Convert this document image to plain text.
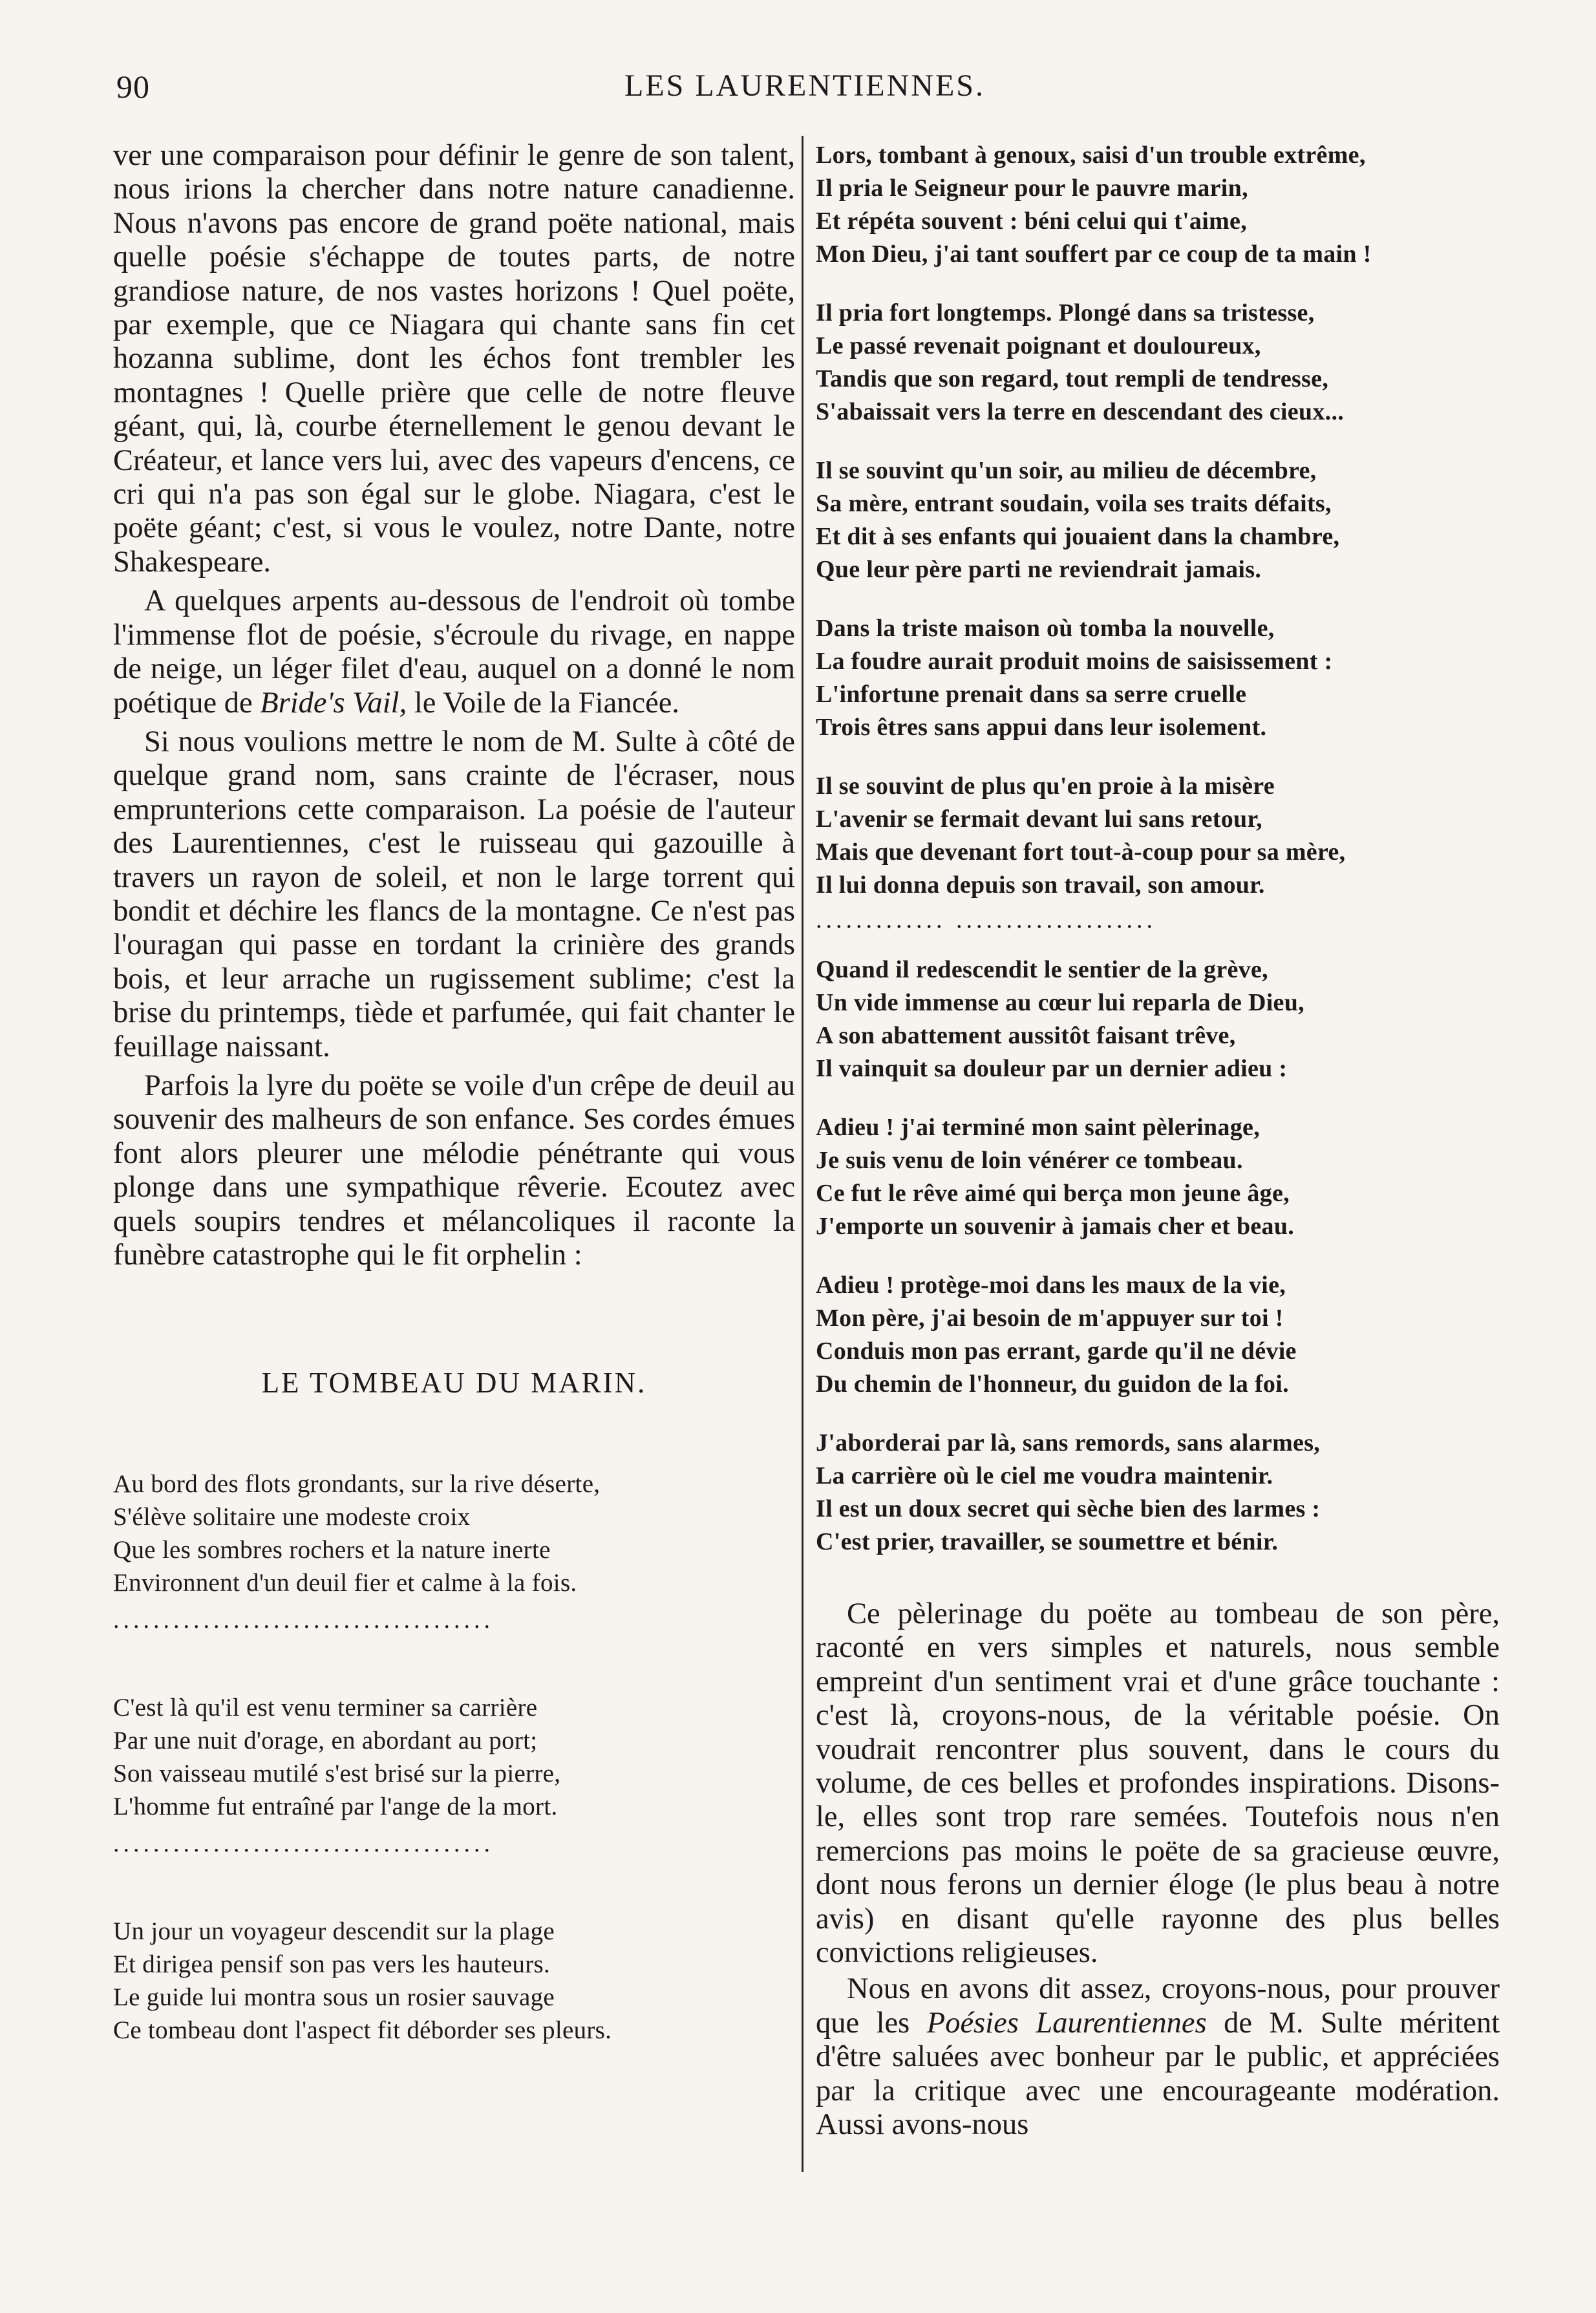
90	LES LAURENTIENNES.

ver une comparaison pour définir le genre de son talent, nous irions la chercher dans notre nature canadienne. Nous n'avons pas encore de grand poëte national, mais quelle poésie s'échappe de toutes parts, de notre grandiose nature, de nos vastes horizons ! Quel poëte, par exemple, que ce Niagara qui chante sans fin cet hozanna sublime, dont les échos font trembler les montagnes ! Quelle prière que celle de notre fleuve géant, qui, là, courbe éternellement le genou devant le Créateur, et lance vers lui, avec des vapeurs d'encens, ce cri qui n'a pas son égal sur le globe. Niagara, c'est le poëte géant; c'est, si vous le voulez, notre Dante, notre Shakespeare.

A quelques arpents au-dessous de l'endroit où tombe l'immense flot de poésie, s'écroule du rivage, en nappe de neige, un léger filet d'eau, auquel on a donné le nom poétique de Bride's Vail, le Voile de la Fiancée.

Si nous voulions mettre le nom de M. Sulte à côté de quelque grand nom, sans crainte de l'écraser, nous emprunterions cette comparaison. La poésie de l'auteur des Laurentiennes, c'est le ruisseau qui gazouille à travers un rayon de soleil, et non le large torrent qui bondit et déchire les flancs de la montagne. Ce n'est pas l'ouragan qui passe en tordant la crinière des grands bois, et leur arrache un rugissement sublime; c'est la brise du printemps, tiède et parfumée, qui fait chanter le feuillage naissant.

Parfois la lyre du poëte se voile d'un crêpe de deuil au souvenir des malheurs de son enfance. Ses cordes émues font alors pleurer une mélodie pénétrante qui vous plonge dans une sympathique rêverie. Ecoutez avec quels soupirs tendres et mélancoliques il raconte la funèbre catastrophe qui le fit orphelin :

LE TOMBEAU DU MARIN.
Au bord des flots grondants, sur la rive déserte,
S'élève solitaire une modeste croix
Que les sombres rochers et la nature inerte
Environnent d'un deuil fier et calme à la fois.
......................................
C'est là qu'il est venu terminer sa carrière
Par une nuit d'orage, en abordant au port;
Son vaisseau mutilé s'est brisé sur la pierre,
L'homme fut entraîné par l'ange de la mort.
......................................
Un jour un voyageur descendit sur la plage
Et dirigea pensif son pas vers les hauteurs.
Le guide lui montra sous un rosier sauvage
Ce tombeau dont l'aspect fit déborder ses pleurs.
Lors, tombant à genoux, saisi d'un trouble extrême,
Il pria le Seigneur pour le pauvre marin,
Et répéta souvent : béni celui qui t'aime,
Mon Dieu, j'ai tant souffert par ce coup de ta main !
Il pria fort longtemps. Plongé dans sa tristesse,
Le passé revenait poignant et douloureux,
Tandis que son regard, tout rempli de tendresse,
S'abaissait vers la terre en descendant des cieux...
Il se souvint qu'un soir, au milieu de décembre,
Sa mère, entrant soudain, voila ses traits défaits,
Et dit à ses enfants qui jouaient dans la chambre,
Que leur père parti ne reviendrait jamais.
Dans la triste maison où tomba la nouvelle,
La foudre aurait produit moins de saisissement :
L'infortune prenait dans sa serre cruelle
Trois êtres sans appui dans leur isolement.
Il se souvint de plus qu'en proie à la misère
L'avenir se fermait devant lui sans retour,
Mais que devenant fort tout-à-coup pour sa mère,
Il lui donna depuis son travail, son amour.
............. ....................
Quand il redescendit le sentier de la grève,
Un vide immense au cœur lui reparla de Dieu,
A son abattement aussitôt faisant trêve,
Il vainquit sa douleur par un dernier adieu :
Adieu ! j'ai terminé mon saint pèlerinage,
Je suis venu de loin vénérer ce tombeau.
Ce fut le rêve aimé qui berça mon jeune âge,
J'emporte un souvenir à jamais cher et beau.
Adieu ! protège-moi dans les maux de la vie,
Mon père, j'ai besoin de m'appuyer sur toi !
Conduis mon pas errant, garde qu'il ne dévie
Du chemin de l'honneur, du guidon de la foi.
J'aborderai par là, sans remords, sans alarmes,
La carrière où le ciel me voudra maintenir.
Il est un doux secret qui sèche bien des larmes :
C'est prier, travailler, se soumettre et bénir.

Ce pèlerinage du poëte au tombeau de son père, raconté en vers simples et naturels, nous semble empreint d'un sentiment vrai et d'une grâce touchante : c'est là, croyons-nous, de la véritable poésie. On voudrait rencontrer plus souvent, dans le cours du volume, de ces belles et profondes inspirations. Disons-le, elles sont trop rare semées. Toutefois nous n'en remercions pas moins le poëte de sa gracieuse œuvre, dont nous ferons un dernier éloge (le plus beau à notre avis) en disant qu'elle rayonne des plus belles convictions religieuses.

Nous en avons dit assez, croyons-nous, pour prouver que les Poésies Laurentiennes de M. Sulte méritent d'être saluées avec bonheur par le public, et appréciées par la critique avec une encourageante modération. Aussi avons-nous
